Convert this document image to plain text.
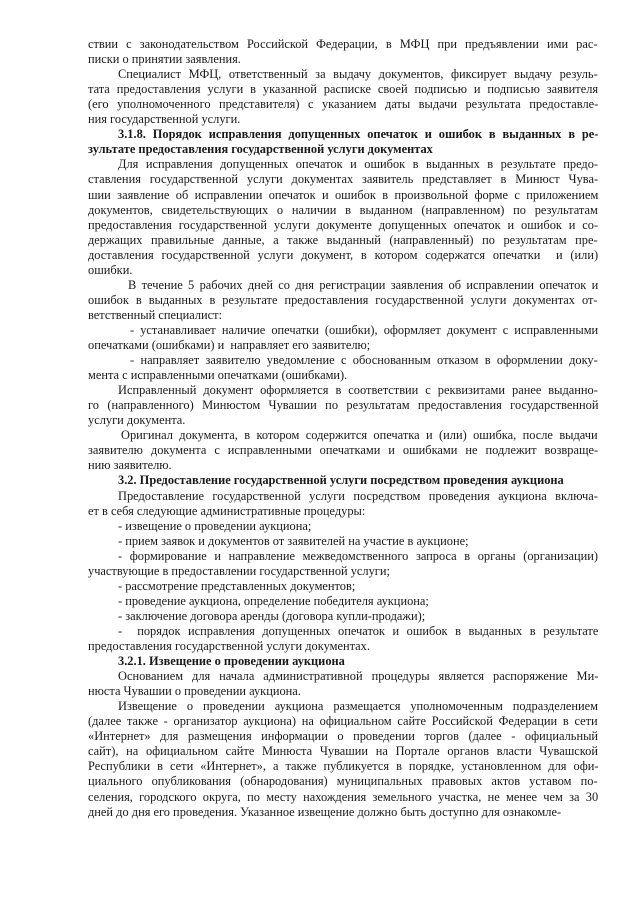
ствии с законодательством Российской Федерации, в МФЦ при предъявлении ими рас-
писки о принятии заявления.
Специалист МФЦ, ответственный за выдачу документов, фиксирует выдачу резуль-
тата предоставления услуги в указанной расписке своей подписью и подписью заявителя
(его уполномоченного представителя) с указанием даты выдачи результата предоставле-
ния государственной услуги.
3.1.8. Порядок исправления допущенных опечаток и ошибок в выданных в ре-
зультате предоставления государственной услуги документах
Для исправления допущенных опечаток и ошибок в выданных в результате предо-
ставления государственной услуги документах заявитель представляет в Минюст Чува-
шии заявление об исправлении опечаток и ошибок в произвольной форме с приложением
документов, свидетельствующих о наличии в выданном (направленном) по результатам
предоставления государственной услуги документе допущенных опечаток и ошибок и со-
держащих правильные данные, а также выданный (направленный) по результатам пре-
доставления государственной услуги документ, в котором содержатся опечатки  и (или)
ошибки.
В течение 5 рабочих дней со дня регистрации заявления об исправлении опечаток и
ошибок в выданных в результате предоставления государственной услуги документах от-
ветственный специалист:
- устанавливает наличие опечатки (ошибки), оформляет документ с исправленными
опечатками (ошибками) и  направляет его заявителю;
- направляет заявителю уведомление с обоснованным отказом в оформлении доку-
мента с исправленными опечатками (ошибками).
Исправленный документ оформляется в соответствии с реквизитами ранее выданно-
го (направленного) Минюстом Чувашии по результатам предоставления государственной
услуги документа.
Оригинал документа, в котором содержится опечатка и (или) ошибка, после выдачи
заявителю документа с исправленными опечатками и ошибками не подлежит возвраще-
нию заявителю.
3.2. Предоставление государственной услуги посредством проведения аукциона
Предоставление государственной услуги посредством проведения аукциона включа-
ет в себя следующие административные процедуры:
- извещение о проведении аукциона;
- прием заявок и документов от заявителей на участие в аукционе;
- формирование и направление межведомственного запроса в органы (организации)
участвующие в предоставлении государственной услуги;
- рассмотрение представленных документов;
- проведение аукциона, определение победителя аукциона;
- заключение договора аренды (договора купли-продажи);
-  порядок исправления допущенных опечаток и ошибок в выданных в результате
предоставления государственной услуги документах.
3.2.1. Извещение о проведении аукциона
Основанием для начала административной процедуры является распоряжение Ми-
нюста Чувашии о проведении аукциона.
Извещение о проведении аукциона размещается уполномоченным подразделением
(далее также - организатор аукциона) на официальном сайте Российской Федерации в сети
«Интернет» для размещения информации о проведении торгов (далее - официальный
сайт), на официальном сайте Минюста Чувашии на Портале органов власти Чувашской
Республики в сети «Интернет», а также публикуется в порядке, установленном для офи-
циального опубликования (обнародования) муниципальных правовых актов уставом по-
селения, городского округа, по месту нахождения земельного участка, не менее чем за 30
дней до дня его проведения. Указанное извещение должно быть доступно для ознакомле-
